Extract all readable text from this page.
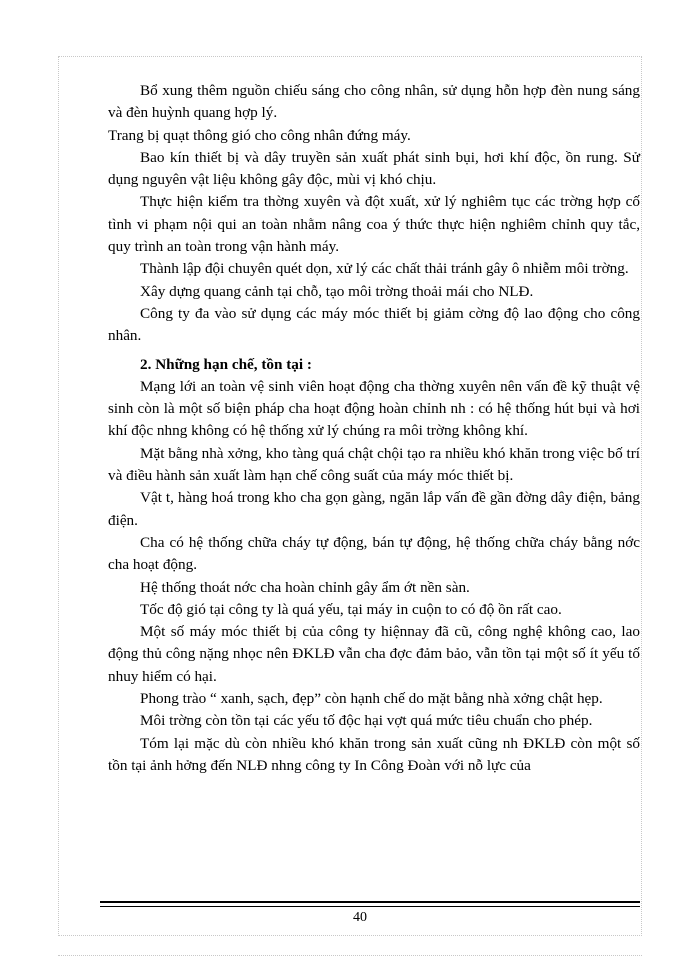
Bổ xung thêm nguồn chiếu sáng cho công nhân, sử dụng hỗn hợp đèn nung sáng và đèn huỳnh quang hợp lý.

Trang bị quạt thông gió cho công nhân đứng máy.

Bao kín thiết bị và dây truyền sản xuất phát sinh bụi, hơi khí độc, ồn rung. Sử dụng nguyên vật liệu không gây độc, mùi vị khó chịu.

Thực hiện kiểm tra thờng xuyên và đột xuất, xử lý nghiêm tục các trờng hợp cố tình vi phạm nội qui an toàn nhằm nâng coa ý thức thực hiện nghiêm chỉnh quy tắc, quy trình an toàn trong vận hành máy.

Thành lập đội chuyên quét dọn, xử lý các chất thải tránh gây ô nhiễm môi trờng.

Xây dựng quang cảnh tại chỗ, tạo môi trờng thoải mái cho NLĐ.

Công ty đa vào sử dụng các máy móc thiết bị giảm cờng độ lao động cho công nhân.

2. Những hạn chế, tồn tại :

Mạng lới an toàn vệ sinh viên hoạt động cha thờng xuyên nên vấn đề kỹ thuật vệ sinh còn là một số biện pháp cha hoạt động hoàn chỉnh nh : có hệ thống hút bụi và hơi khí độc nhng không có hệ thống xử lý chúng ra môi trờng không khí.

Mặt bằng nhà xởng, kho tàng quá chật chội tạo ra nhiều khó khăn trong việc bố trí và điều hành sản xuất làm hạn chế công suất của máy móc thiết bị.

Vật t, hàng hoá trong kho cha gọn gàng, ngăn lắp vấn đề gần đờng dây điện, bảng điện.

Cha có hệ thống chữa cháy tự động, bán tự động, hệ thống chữa cháy bằng nớc cha hoạt động.

Hệ thống thoát nớc cha hoàn chỉnh gây ẩm ớt nền sàn.

Tốc độ gió tại công ty là quá yếu, tại máy in cuộn to có độ ồn rất cao.

Một số máy móc thiết bị của công ty hiệnnay đã cũ, công nghệ không cao, lao động thủ công nặng nhọc nên ĐKLĐ vẫn cha đợc đảm bảo, vẫn tồn tại một số ít yếu tố nhuy hiểm có hại.

Phong trào “ xanh, sạch, đẹp” còn hạnh chế do mặt bằng nhà xởng chật hẹp.

Môi trờng còn tồn tại các yếu tố độc hại vợt quá mức tiêu chuẩn cho phép.

Tóm lại mặc dù còn nhiều khó khăn trong sản xuất cũng nh ĐKLĐ còn một số tồn tại ảnh hởng đến NLĐ nhng công ty In Công Đoàn với nỗ lực của

40
